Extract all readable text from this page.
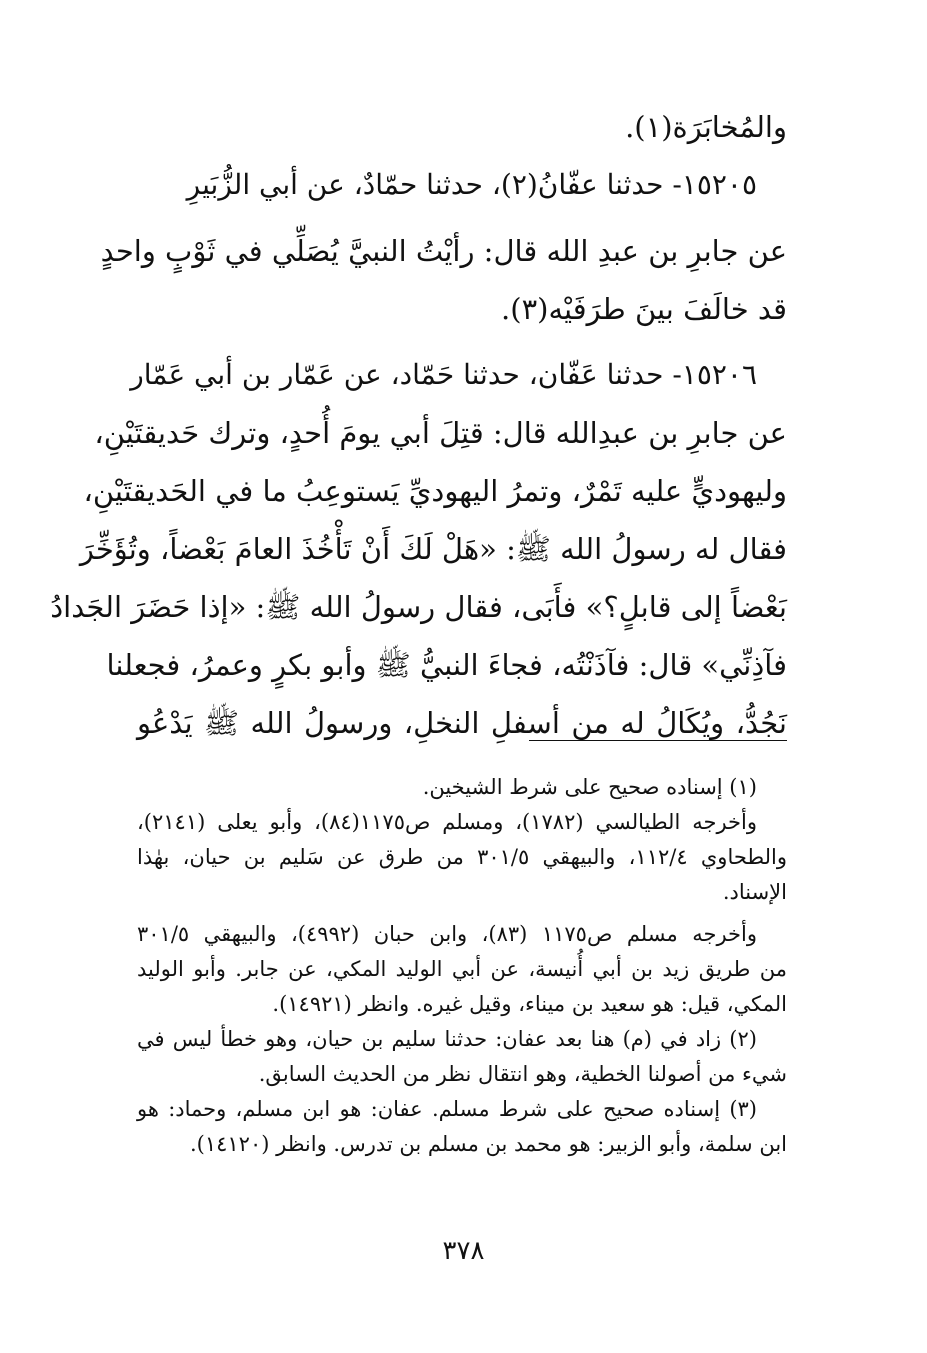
والمُخابَرَة(١).
١٥٢٠٥- حدثنا عفّانُ(٢)، حدثنا حمّادٌ، عن أبي الزُّبَيرِ
عن جابرِ بن عبدِ الله قال: رأيْتُ النبيَّ يُصَلِّي في ثَوْبٍ واحدٍ
قد خالَفَ بينَ طرَفَيْه(٣).
١٥٢٠٦- حدثنا عَفّان، حدثنا حَمّاد، عن عَمّار بن أبي عَمّار
عن جابرِ بن عبدِالله قال: قتِلَ أبي يومَ أُحدٍ، وترك حَديقتَيْنِ،
وليهوديٍّ عليه تَمْرٌ، وتمرُ اليهوديِّ يَستوعِبُ ما في الحَديقتَيْنِ،
فقال له رسولُ الله ﷺ: «هَلْ لَكَ أَنْ تَأْخُذَ العامَ بَعْضاً، وتُؤَخِّرَ
بَعْضاً إلى قابلٍ؟» فأَبَى، فقال رسولُ الله ﷺ: «إذا حَضَرَ الجَدادُ
فآذِنِّي» قال: فآذَنْتُه، فجاءَ النبيُّ ﷺ وأبو بكرٍ وعمرُ، فجعلنا
نَجُدُّ، ويُكَالُ له من أسفلِ النخلِ، ورسولُ الله ﷺ يَدْعُو
(١) إسناده صحيح على شرط الشيخين.
وأخرجه الطيالسي (١٧٨٢)، ومسلم ص١١٧٥(٨٤)، وأبو يعلى (٢١٤١)،
والطحاوي ١١٢/٤، والبيهقي ٣٠١/٥ من طرق عن سَليم بن حيان، بهٰذا
الإسناد.
وأخرجه مسلم ص١١٧٥ (٨٣)، وابن حبان (٤٩٩٢)، والبيهقي ٣٠١/٥
من طريق زيد بن أبي أُنيسة، عن أبي الوليد المكي، عن جابر. وأبو الوليد
المكي، قيل: هو سعيد بن ميناء، وقيل غيره. وانظر (١٤٩٢١).
(٢) زاد في (م) هنا بعد عفان: حدثنا سليم بن حيان، وهو خطأ ليس في
شيء من أصولنا الخطية، وهو انتقال نظر من الحديث السابق.
(٣) إسناده صحيح على شرط مسلم. عفان: هو ابن مسلم، وحماد: هو
ابن سلمة، وأبو الزبير: هو محمد بن مسلم بن تدرس. وانظر (١٤١٢٠).
٣٧٨
